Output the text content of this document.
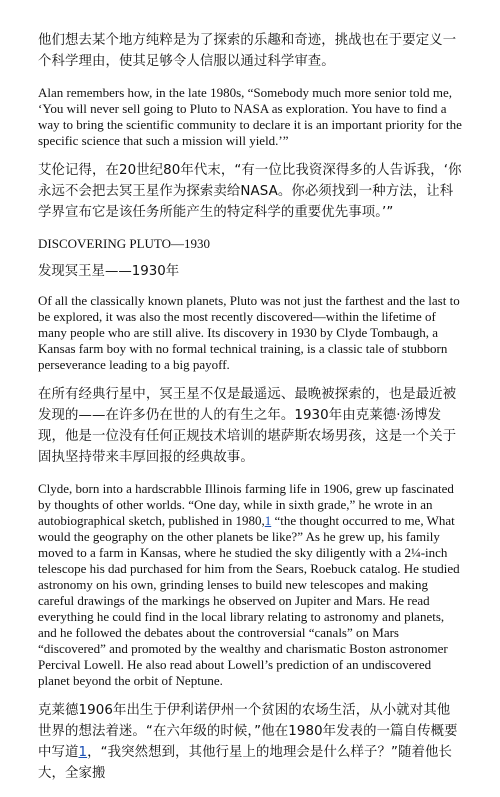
他们想去某个地方纯粹是为了探索的乐趣和奇迹，挑战也在于要定义一个科学理由，使其足够令人信服以通过科学审查。

Alan remembers how, in the late 1980s, “Somebody much more senior told me, ‘You will never sell going to Pluto to NASA as exploration. You have to find a way to bring the scientific community to declare it is an important priority for the specific science that such a mission will yield.’”

艾伦记得，在20世纪80年代末，“有一位比我资深得多的人告诉我，‘你永远不会把去冥王星作为探索卖给NASA。你必须找到一种方法，让科学界宣布它是该任务所能产生的特定科学的重要优先事项。’”

DISCOVERING PLUTO—1930

发现冥王星——1930年

Of all the classically known planets, Pluto was not just the farthest and the last to be explored, it was also the most recently discovered—within the lifetime of many people who are still alive. Its discovery in 1930 by Clyde Tombaugh, a Kansas farm boy with no formal technical training, is a classic tale of stubborn perseverance leading to a big payoff.

在所有经典行星中，冥王星不仅是最遥远、最晚被探索的，也是最近被发现的——在许多仍在世的人的有生之年。1930年由克莱德·汤博发现，他是一位没有任何正规技术培训的堪萨斯农场男孩，这是一个关于固执坚持带来丰厚回报的经典故事。

Clyde, born into a hardscrabble Illinois farming life in 1906, grew up fascinated by thoughts of other worlds. “One day, while in sixth grade,” he wrote in an autobiographical sketch, published in 1980,1 “the thought occurred to me, What would the geography on the other planets be like?” As he grew up, his family moved to a farm in Kansas, where he studied the sky diligently with a 2¼-inch telescope his dad purchased for him from the Sears, Roebuck catalog. He studied astronomy on his own, grinding lenses to build new telescopes and making careful drawings of the markings he observed on Jupiter and Mars. He read everything he could find in the local library relating to astronomy and planets, and he followed the debates about the controversial “canals” on Mars “discovered” and promoted by the wealthy and charismatic Boston astronomer Percival Lowell. He also read about Lowell’s prediction of an undiscovered planet beyond the orbit of Neptune.

克莱德1906年出生于伊利诺伊州一个贫困的农场生活，从小就对其他世界的想法着迷。“在六年级的时候，”他在1980年发表的一篇自传概要中写道1，“我突然想到，其他行星上的地理会是什么样子？”随着他长大，全家搬
